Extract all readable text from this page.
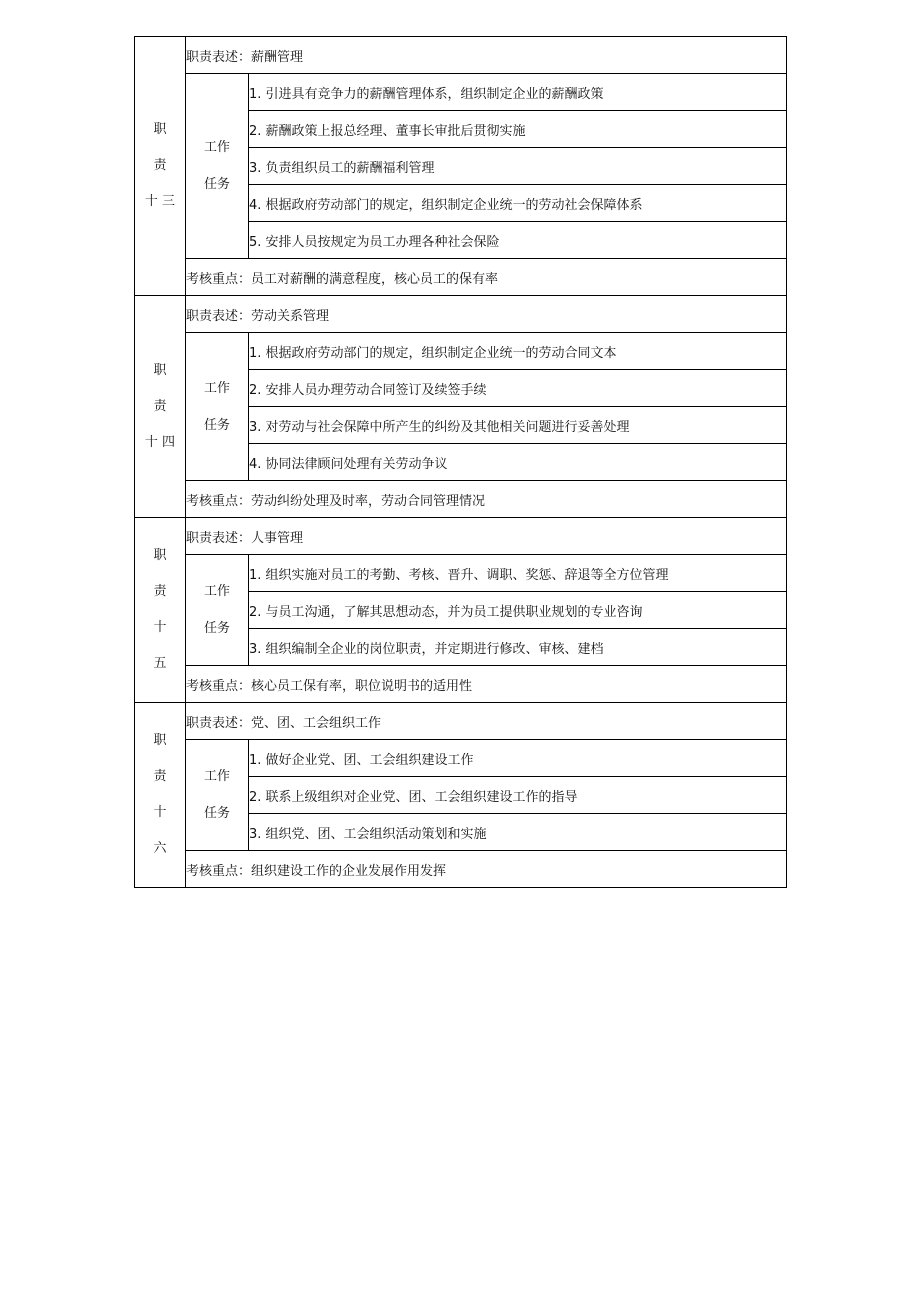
职
责
十 三	职责表述：薪酬管理	

	工作
任务	1. 引进具有竞争力的薪酬管理体系，组织制定企业的薪酬政策
		2. 薪酬政策上报总经理、董事长审批后贯彻实施
		3. 负责组织员工的薪酬福利管理
		4. 根据政府劳动部门的规定，组织制定企业统一的劳动社会保障体系
		5. 安排人员按规定为员工办理各种社会保险
	考核重点：员工对薪酬的满意程度，核心员工的保有率	

职
责
十 四	职责表述：劳动关系管理	

	工作
任务	1. 根据政府劳动部门的规定，组织制定企业统一的劳动合同文本
		2. 安排人员办理劳动合同签订及续签手续
		3. 对劳动与社会保障中所产生的纠纷及其他相关问题进行妥善处理
		4. 协同法律顾问处理有关劳动争议
	考核重点：劳动纠纷处理及时率，劳动合同管理情况	

职
责
十
五	职责表述：人事管理	

	工作
任务	1. 组织实施对员工的考勤、考核、晋升、调职、奖惩、辞退等全方位管理
		2. 与员工沟通，了解其思想动态，并为员工提供职业规划的专业咨询
		3. 组织编制全企业的岗位职责，并定期进行修改、审核、建档
	考核重点：核心员工保有率，职位说明书的适用性	

职
责
十
六	职责表述：党、团、工会组织工作	

	工作
任务	1. 做好企业党、团、工会组织建设工作
		2. 联系上级组织对企业党、团、工会组织建设工作的指导
		3. 组织党、团、工会组织活动策划和实施
	考核重点：组织建设工作的企业发展作用发挥	
